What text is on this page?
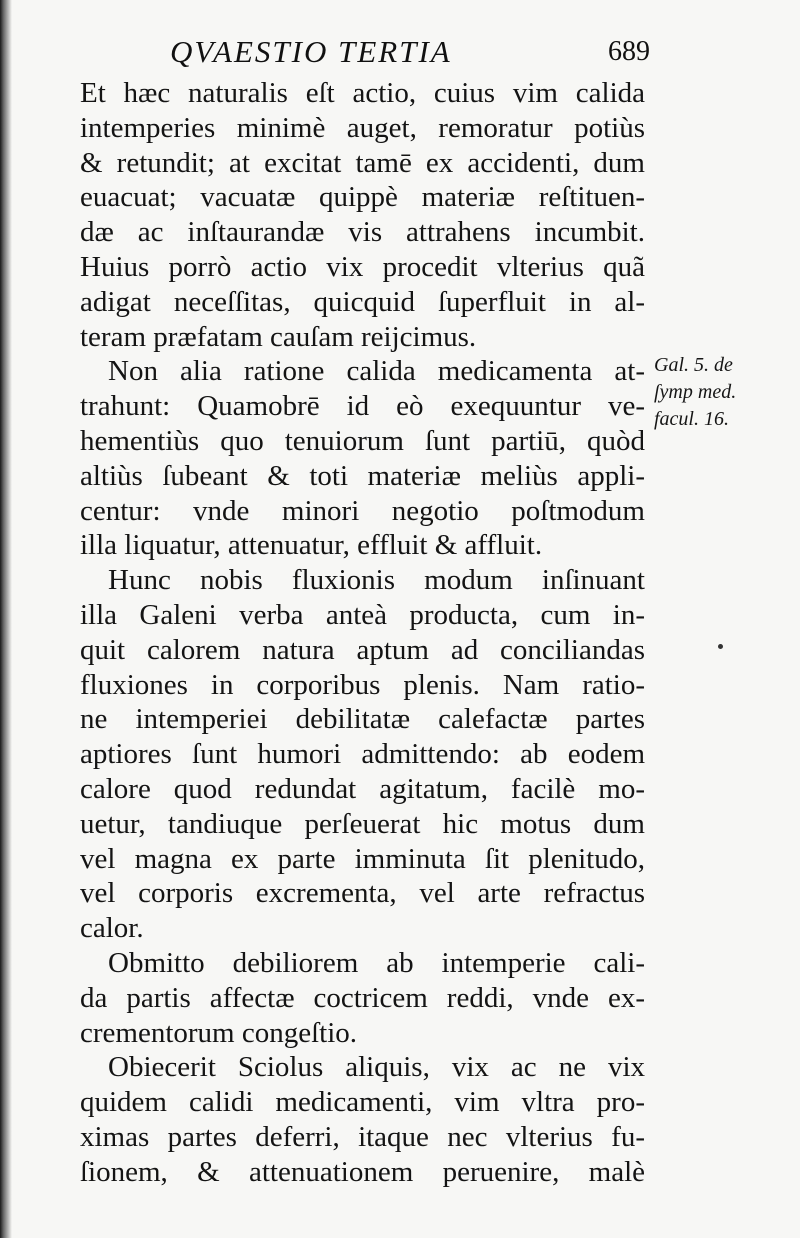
QVAESTIO TERTIA	689
Et hæc naturalis eſt actio, cuius vim calida
intemperies minimè auget, remoratur potiùs
& retundit; at excitat tamē ex accidenti, dum
euacuat; vacuatæ quippè materiæ reſtituen-
dæ ac inſtaurandæ vis attrahens incumbit.
Huius porrò actio vix procedit vlterius quã
adigat neceſſitas, quicquid ſuperfluit in al-
teram præfatam cauſam reijcimus.
Non alia ratione calida medicamenta at-
trahunt: Quamobrē id eò exequuntur ve-
hementiùs quo tenuiorum ſunt partiū, quòd
altiùs ſubeant & toti materiæ meliùs appli-
centur: vnde minori negotio poſtmodum
illa liquatur, attenuatur, effluit & affluit.
Hunc nobis fluxionis modum inſinuant
illa Galeni verba anteà producta, cum in-
quit calorem natura aptum ad conciliandas
fluxiones in corporibus plenis. Nam ratio-
ne intemperiei debilitatæ calefactæ partes
aptiores ſunt humori admittendo: ab eodem
calore quod redundat agitatum, facilè mo-
uetur, tandiuque perſeuerat hic motus dum
vel magna ex parte imminuta ſit plenitudo,
vel corporis excrementa, vel arte refractus
calor.
Obmitto debiliorem ab intemperie cali-
da partis affectæ coctricem reddi, vnde ex-
crementorum congeſtio.
Obiecerit Sciolus aliquis, vix ac ne vix
quidem calidi medicamenti, vim vltra pro-
ximas partes deferri, itaque nec vlterius fu-
ſionem, & attenuationem peruenire, malè
Gal. 5. de
ſymp med.
facul. 16.
